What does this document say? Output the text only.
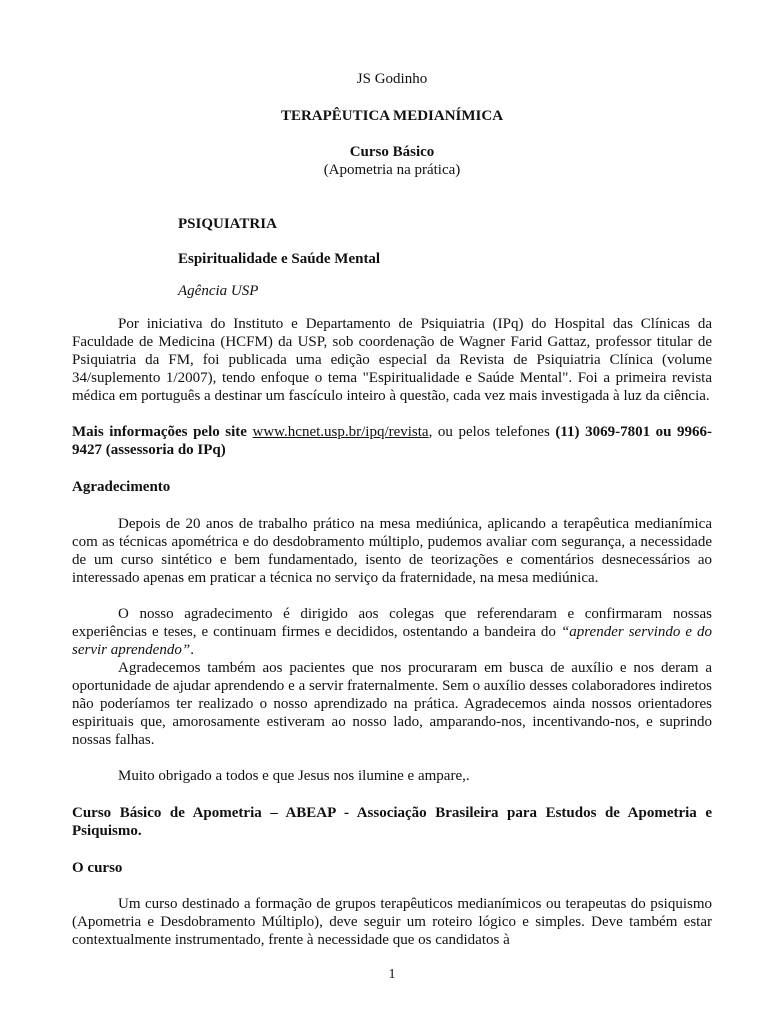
JS Godinho

TERAPÊUTICA MEDIANÍMICA

Curso Básico

(Apometria na prática)

PSIQUIATRIA

Espiritualidade e Saúde Mental

Agência USP

Por iniciativa do Instituto e Departamento de Psiquiatria (IPq) do Hospital das Clínicas da Faculdade de Medicina (HCFM) da USP, sob coordenação de Wagner Farid Gattaz, professor titular de Psiquiatria da FM, foi publicada uma edição especial da Revista de Psiquiatria Clínica (volume 34/suplemento 1/2007), tendo enfoque o tema "Espiritualidade e Saúde Mental". Foi a primeira revista médica em português a destinar um fascículo inteiro à questão, cada vez mais investigada à luz da ciência.

Mais informações pelo site www.hcnet.usp.br/ipq/revista, ou pelos telefones (11) 3069-7801 ou 9966-9427 (assessoria do IPq)

Agradecimento

Depois de 20 anos de trabalho prático na mesa mediúnica, aplicando a terapêutica medianímica com as técnicas apométrica e do desdobramento múltiplo, pudemos avaliar com segurança, a necessidade de um curso sintético e bem fundamentado, isento de teorizações e comentários desnecessários ao interessado apenas em praticar a técnica no serviço da fraternidade, na mesa mediúnica.

O nosso agradecimento é dirigido aos colegas que referendaram e confirmaram nossas experiências e teses, e continuam firmes e decididos, ostentando a bandeira do “aprender servindo e do servir aprendendo”.

Agradecemos também aos pacientes que nos procuraram em busca de auxílio e nos deram a oportunidade de ajudar aprendendo e a servir fraternalmente. Sem o auxílio desses colaboradores indiretos não poderíamos ter realizado o nosso aprendizado na prática. Agradecemos ainda nossos orientadores espirituais que, amorosamente estiveram ao nosso lado, amparando-nos, incentivando-nos, e suprindo nossas falhas.

Muito obrigado a todos e que Jesus nos ilumine e ampare,.

Curso Básico de Apometria – ABEAP - Associação Brasileira para Estudos de Apometria e Psiquismo.

O curso

Um curso destinado a formação de grupos terapêuticos medianímicos ou terapeutas do psiquismo (Apometria e Desdobramento Múltiplo), deve seguir um roteiro lógico e simples. Deve também estar contextualmente instrumentado, frente à necessidade que os candidatos à

1
